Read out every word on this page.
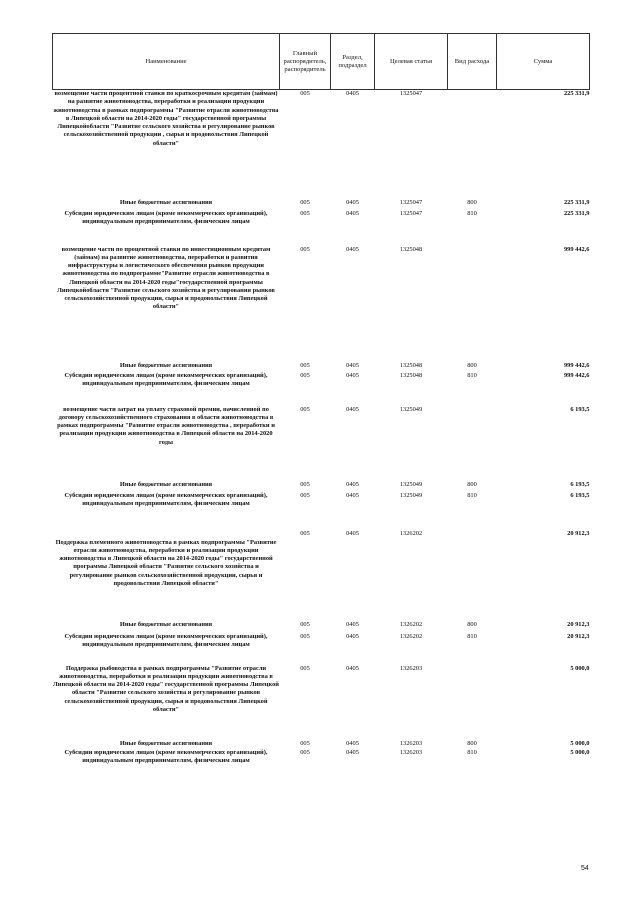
Наименование	Главный распорядитель, распорядитель	Раздел, подраздел	Целевая статья	Вид расхода	Сумма
возмещение части процентной ставки по краткосрочным кредитам (займам) на развитие животноводства, переработки и реализации продукции животноводства в рамках подпрограммы "Развитие отрасли животноводства в Липецкой области на 2014-2020 годы" государственной программы Липецкойобласти "Развитие сельского хозяйства и регулирование рынков сельскохозяйственной продукции , сырья и продовольствия Липецкой области"	005	0405	1325047		225 331,9
Иные бюджетные ассигнования	005	0405	1325047	800	225 331,9
Субсидии юридическим лицам (кроме некоммерческих организаций), индивидуальным предпринимателям, физическим лицам	005	0405	1325047	810	225 331,9
возмещение части по процентной ставки по инвестиционным кредитам (займам) на развитие животноводства, переработки и развития инфраструктуры и логистического обеспечения рынков продукции животноводства по подпрограмме"Развитие отрасли животноводства в Липецкой области на 2014-2020 годы"государственной программы Липецкойобласти "Развитие сельского хозяйства и регулирования рынков сельскохозяйственной продукции, сырья и продовольствия Липецкой области"	005	0405	1325048		999 442,6
Иные бюджетные ассигнования	005	0405	1325048	800	999 442,6
Субсидии юридическим лицам (кроме некоммерческих организаций), индивидуальным предпринимателям, физическим лицам	005	0405	1325048	810	999 442,6
возмещение части затрат на уплату страховой премии, начисленной по договору сельскохозяйственного страхования в области животноводства в рамках подпрограммы "Развитие отрасли животноводства , переработки и реализации продукции животноводства в Липецкой области на 2014-2020 годы	005	0405	1325049		6 193,5
Иные бюджетные ассигнования	005	0405	1325049	800	6 193,5
Субсидии юридическим лицам (кроме некоммерческих организаций), индивидуальным предпринимателям, физическим лицам	005	0405	1325049	810	6 193,5
Поддержка племенного животноводства в рамках подпрограммы "Развитие отрасли животноводства, переработки и реализации продукции животноводства в Липецкой области на 2014-2020 годы" государственной программы Липецкой области "Развитие сельского хозяйства и регулирование рынков сельскохозяйственной продукции, сырья и продовольствия Липецкой области"	005	0405	1326202		20 912,3
Иные бюджетные ассигнования	005	0405	1326202	800	20 912,3
Субсидии юридическим лицам (кроме некоммерческих организаций), индивидуальным предпринимателям, физическим лицам	005	0405	1326202	810	20 912,3
Поддержка рыбоводства в рамках подпрограммы "Развитие отрасли животноводства, переработки и реализации продукции животноводства в Липецкой области на 2014-2020 годы" государственной программы Липецкой области "Развитие сельского хозяйства и регулирование рынков сельскохозяйственной продукции, сырья и продовольствия Липецкой области"	005	0405	1326203		5 000,0
Иные бюджетные ассигнования	005	0405	1326203	800	5 000,0
Субсидии юридическим лицам (кроме некоммерческих организаций), индивидуальным предпринимателям, физическим лицам	005	0405	1326203	810	5 000,0
54
